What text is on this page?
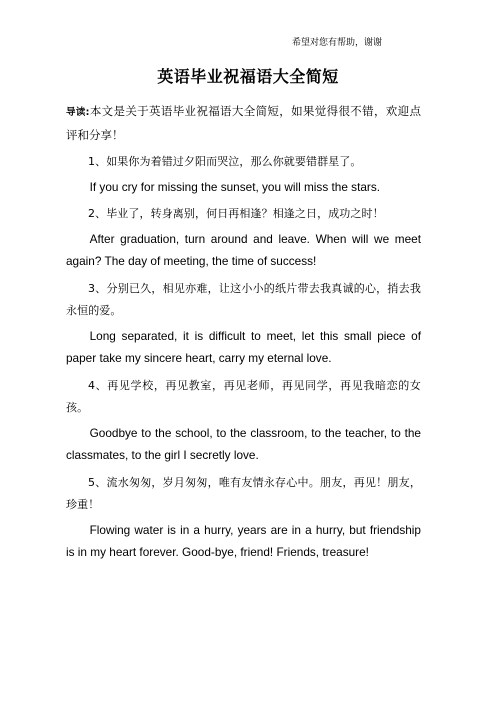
希望对您有帮助，谢谢
英语毕业祝福语大全简短

导读:本文是关于英语毕业祝福语大全简短，如果觉得很不错，欢迎点评和分享！

1、如果你为着错过夕阳而哭泣，那么你就要错群星了。

If you cry for missing the sunset, you will miss the stars.

2、毕业了，转身离别，何日再相逢？相逢之日，成功之时！

After graduation, turn around and leave. When will we meet again? The day of meeting, the time of success!

3、分别已久，相见亦难，让这小小的纸片带去我真诚的心，捎去我永恒的爱。

Long separated, it is difficult to meet, let this small piece of paper take my sincere heart, carry my eternal love.

4、再见学校，再见教室，再见老师，再见同学，再见我暗恋的女孩。

Goodbye to the school, to the classroom, to the teacher, to the classmates, to the girl I secretly love.

5、流水匆匆，岁月匆匆，唯有友情永存心中。朋友，再见！朋友，珍重！

Flowing water is in a hurry, years are in a hurry, but friendship is in my heart forever. Good-bye, friend! Friends, treasure!
